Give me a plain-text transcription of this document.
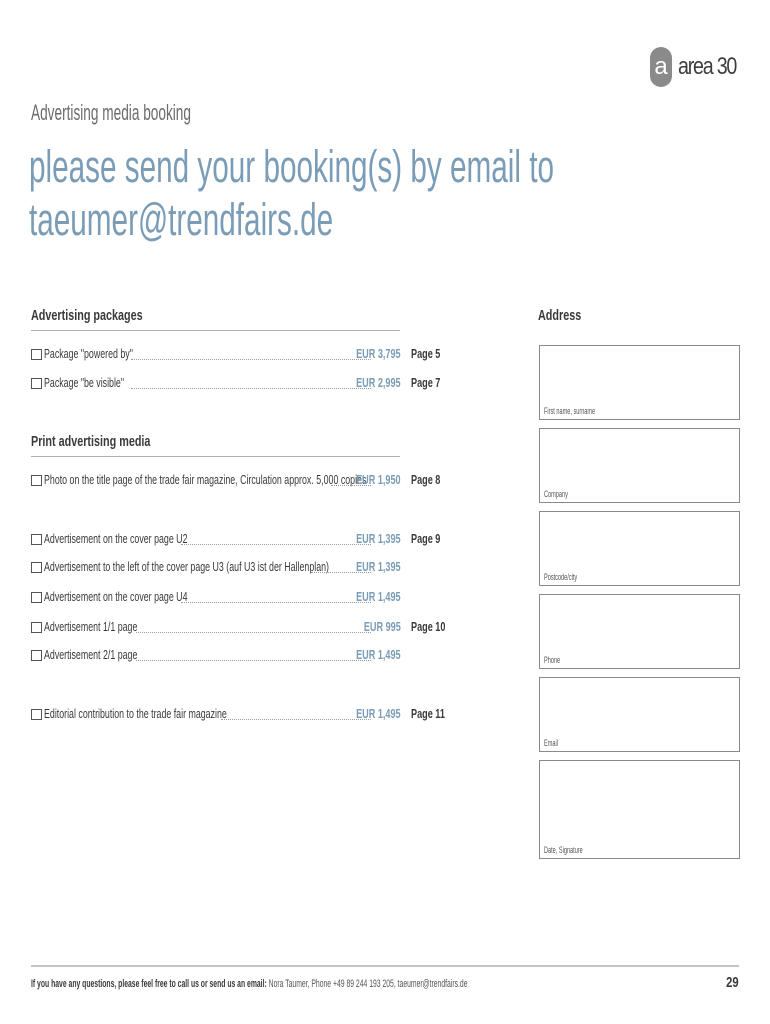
a area 30
Advertising media booking
please send your booking(s) by email to
taeumer@trendfairs.de
Advertising packages
Package "powered by"	EUR 3,795 Page 5
Package "be visible"	EUR 2,995 Page 7
Print advertising media
Photo on the title page of the trade fair magazine, Circulation approx. 5,000 copies
EUR 1,950 Page 8
Advertisement on the cover page U2	EUR 1,395 Page 9
Advertisement to the left of the cover page U3 (auf U3 ist der Hallenplan)	EUR 1,395
Advertisement on the cover page U4	EUR 1,495
Advertisement 1/1 page	EUR 995 Page 10
Advertisement 2/1 page	EUR 1,495
Editorial contribution to the trade fair magazine	EUR 1,495 Page 11
Address
First name, surname
Company
Postcode/city
Phone
Email
Date, Signature
If you have any questions, please feel free to call us or send us an email: Nora Taumer, Phone +49 89 244 193 205, taeumer@trendfairs.de	29
